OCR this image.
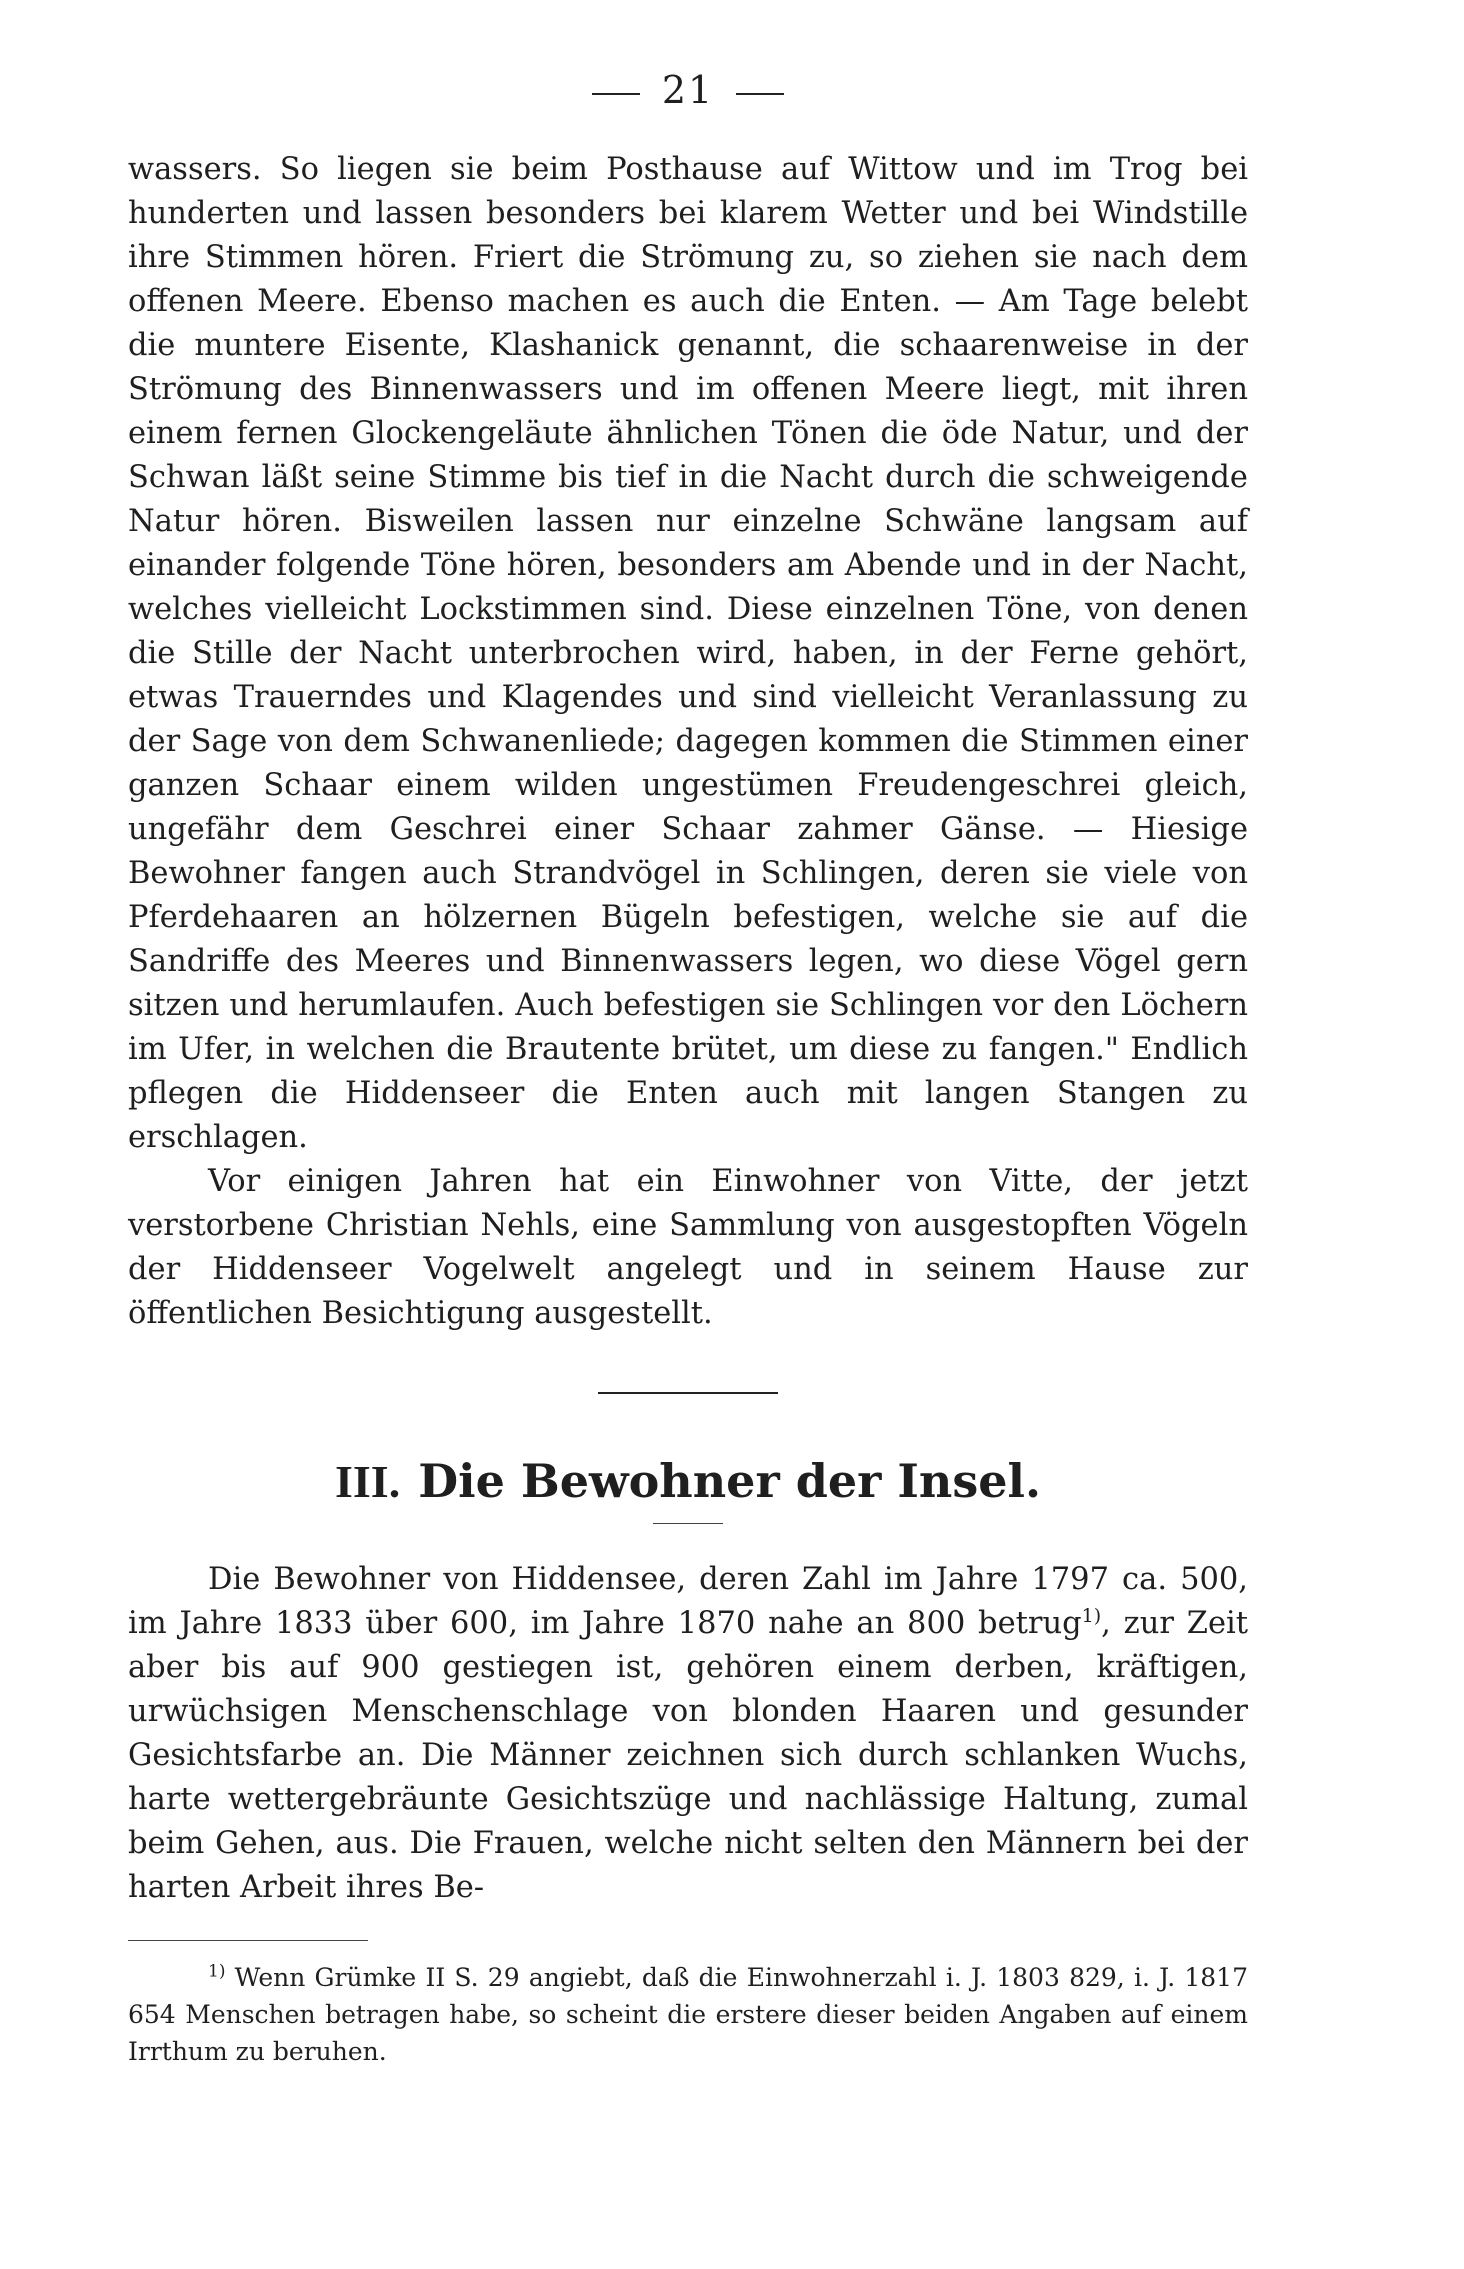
21

wassers. So liegen sie beim Posthause auf Wittow und im Trog bei hunderten und lassen besonders bei klarem Wetter und bei Windstille ihre Stimmen hören. Friert die Strömung zu, so ziehen sie nach dem offenen Meere. Ebenso machen es auch die Enten. — Am Tage belebt die muntere Eisente, Klashanick genannt, die schaarenweise in der Strömung des Binnenwassers und im offenen Meere liegt, mit ihren einem fernen Glockengeläute ähnlichen Tönen die öde Natur, und der Schwan läßt seine Stimme bis tief in die Nacht durch die schweigende Natur hören. Bisweilen lassen nur einzelne Schwäne langsam auf einander folgende Töne hören, besonders am Abende und in der Nacht, welches vielleicht Lockstimmen sind. Diese einzelnen Töne, von denen die Stille der Nacht unterbrochen wird, haben, in der Ferne gehört, etwas Trauerndes und Klagendes und sind vielleicht Veranlassung zu der Sage von dem Schwanenliede; dagegen kommen die Stimmen einer ganzen Schaar einem wilden ungestümen Freudengeschrei gleich, ungefähr dem Geschrei einer Schaar zahmer Gänse. — Hiesige Bewohner fangen auch Strandvögel in Schlingen, deren sie viele von Pferdehaaren an hölzernen Bügeln befestigen, welche sie auf die Sandriffe des Meeres und Binnenwassers legen, wo diese Vögel gern sitzen und herumlaufen. Auch befestigen sie Schlingen vor den Löchern im Ufer, in welchen die Brautente brütet, um diese zu fangen." Endlich pflegen die Hiddenseer die Enten auch mit langen Stangen zu erschlagen.

Vor einigen Jahren hat ein Einwohner von Vitte, der jetzt verstorbene Christian Nehls, eine Sammlung von ausgestopften Vögeln der Hiddenseer Vogelwelt angelegt und in seinem Hause zur öffentlichen Besichtigung ausgestellt.

III. Die Bewohner der Insel.

Die Bewohner von Hiddensee, deren Zahl im Jahre 1797 ca. 500, im Jahre 1833 über 600, im Jahre 1870 nahe an 800 betrug$^{1)}$, zur Zeit aber bis auf 900 gestiegen ist, gehören einem derben, kräftigen, urwüchsigen Menschenschlage von blonden Haaren und gesunder Gesichtsfarbe an. Die Männer zeichnen sich durch schlanken Wuchs, harte wettergebräunte Gesichtszüge und nachlässige Haltung, zumal beim Gehen, aus. Die Frauen, welche nicht selten den Männern bei der harten Arbeit ihres Be-

$^{1)}$ Wenn Grümke II S. 29 angiebt, daß die Einwohnerzahl i. J. 1803 829, i. J. 1817 654 Menschen betragen habe, so scheint die erstere dieser beiden Angaben auf einem Irrthum zu beruhen.
